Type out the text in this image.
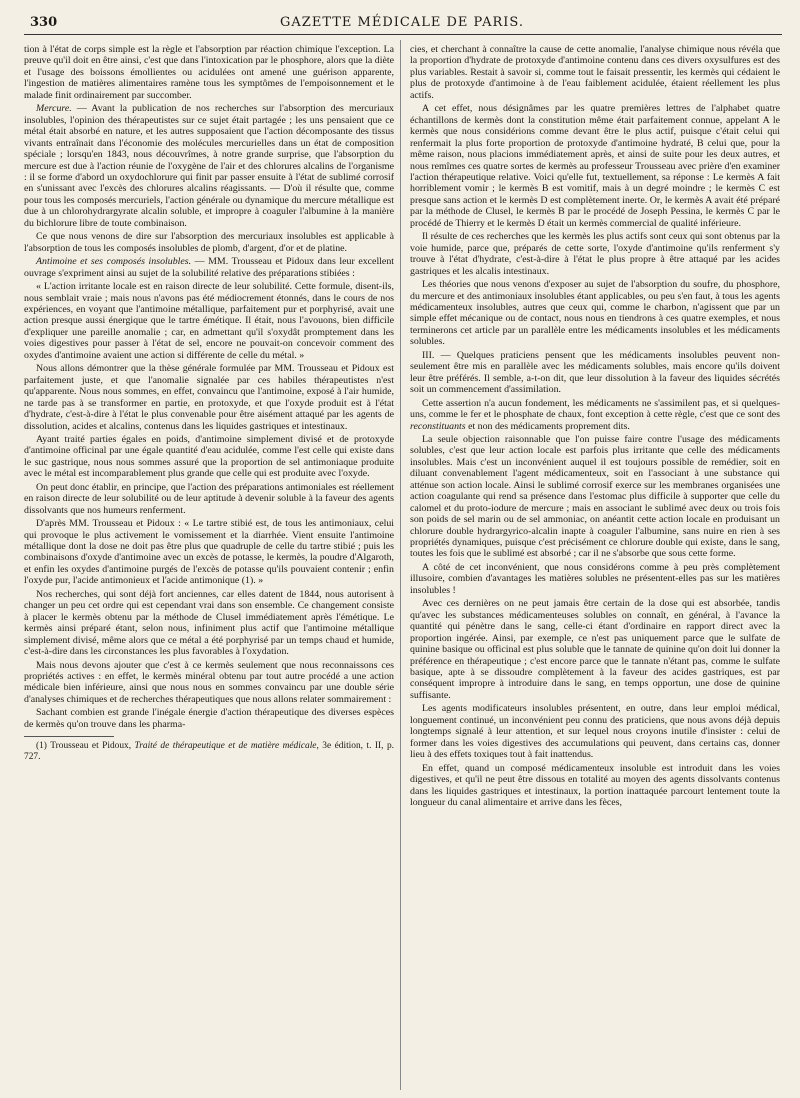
330	GAZETTE MÉDICALE DE PARIS.

tion à l'état de corps simple est la règle et l'absorption par réaction chimique l'exception. La preuve qu'il doit en être ainsi, c'est que dans l'intoxication par le phosphore, alors que la diète et l'usage des boissons émollientes ou acidulées ont amené une guérison apparente, l'ingestion de matières alimentaires ramène tous les symptômes de l'empoisonnement et le malade finit ordinairement par succomber.

Mercure. — Avant la publication de nos recherches sur l'absorption des mercuriaux insolubles, l'opinion des thérapeutistes sur ce sujet était partagée ; les uns pensaient que ce métal était absorbé en nature, et les autres supposaient que l'action décomposante des tissus vivants entraînait dans l'économie des molécules mercurielles dans un état de composition spéciale ; lorsqu'en 1843, nous découvrîmes, à notre grande surprise, que l'absorption du mercure est due à l'action réunie de l'oxygène de l'air et des chlorures alcalins de l'organisme : il se forme d'abord un oxydochlorure qui finit par passer ensuite à l'état de sublimé corrosif en s'unissant avec l'excès des chlorures alcalins réagissants. — D'où il résulte que, comme pour tous les composés mercuriels, l'action générale ou dynamique du mercure métallique est due à un chlorohydrargyrate alcalin soluble, et impropre à coaguler l'albumine à la manière du bichlorure libre de toute combinaison.

Ce que nous venons de dire sur l'absorption des mercuriaux insolubles est applicable à l'absorption de tous les composés insolubles de plomb, d'argent, d'or et de platine.

Antimoine et ses composés insolubles. — MM. Trousseau et Pidoux dans leur excellent ouvrage s'expriment ainsi au sujet de la solubilité relative des préparations stibiées :

« L'action irritante locale est en raison directe de leur solubilité. Cette formule, disent-ils, nous semblait vraie ; mais nous n'avons pas été médiocrement étonnés, dans le cours de nos expériences, en voyant que l'antimoine métallique, parfaitement pur et porphyrisé, avait une action presque aussi énergique que le tartre émétique. Il était, nous l'avouons, bien difficile d'expliquer une pareille anomalie ; car, en admettant qu'il s'oxydât promptement dans les voies digestives pour passer à l'état de sel, encore ne pouvait-on concevoir comment des oxydes d'antimoine avaient une action si différente de celle du métal. »

Nous allons démontrer que la thèse générale formulée par MM. Trousseau et Pidoux est parfaitement juste, et que l'anomalie signalée par ces habiles thérapeutistes n'est qu'apparente. Nous nous sommes, en effet, convaincu que l'antimoine, exposé à l'air humide, ne tarde pas à se transformer en partie, en protoxyde, et que l'oxyde produit est à l'état d'hydrate, c'est-à-dire à l'état le plus convenable pour être aisément attaqué par les agents de dissolution, acides et alcalins, contenus dans les liquides gastriques et intestinaux.

Ayant traité parties égales en poids, d'antimoine simplement divisé et de protoxyde d'antimoine officinal par une égale quantité d'eau acidulée, comme l'est celle qui existe dans le suc gastrique, nous nous sommes assuré que la proportion de sel antimoniaque produite avec le métal est incomparablement plus grande que celle qui est produite avec l'oxyde.

On peut donc établir, en principe, que l'action des préparations antimoniales est réellement en raison directe de leur solubilité ou de leur aptitude à devenir soluble à la faveur des agents dissolvants que nos humeurs renferment.

D'après MM. Trousseau et Pidoux : « Le tartre stibié est, de tous les antimoniaux, celui qui provoque le plus activement le vomissement et la diarrhée. Vient ensuite l'antimoine métallique dont la dose ne doit pas être plus que quadruple de celle du tartre stibié ; puis les combinaisons d'oxyde d'antimoine avec un excès de potasse, le kermès, la poudre d'Algaroth, et enfin les oxydes d'antimoine purgés de l'excès de potasse qu'ils pouvaient contenir ; enfin l'oxyde pur, l'acide antimonieux et l'acide antimonique (1). »

Nos recherches, qui sont déjà fort anciennes, car elles datent de 1844, nous autorisent à changer un peu cet ordre qui est cependant vrai dans son ensemble. Ce changement consiste à placer le kermès obtenu par la méthode de Clusel immédiatement après l'émétique. Le kermès ainsi préparé étant, selon nous, infiniment plus actif que l'antimoine métallique simplement divisé, même alors que ce métal a été porphyrisé par un temps chaud et humide, c'est-à-dire dans les circonstances les plus favorables à l'oxydation.

Mais nous devons ajouter que c'est à ce kermès seulement que nous reconnaissons ces propriétés actives : en effet, le kermès minéral obtenu par tout autre procédé a une action médicale bien inférieure, ainsi que nous nous en sommes convaincu par une double série d'analyses chimiques et de recherches thérapeutiques que nous allons relater sommairement :

Sachant combien est grande l'inégale énergie d'action thérapeutique des diverses espèces de kermès qu'on trouve dans les pharma-

(1) Trousseau et Pidoux, Traité de thérapeutique et de matière médicale, 3e édition, t. II, p. 727.

cies, et cherchant à connaître la cause de cette anomalie, l'analyse chimique nous révéla que la proportion d'hydrate de protoxyde d'antimoine contenu dans ces divers oxysulfures est des plus variables. Restait à savoir si, comme tout le faisait pressentir, les kermès qui cédaient le plus de protoxyde d'antimoine à de l'eau faiblement acidulée, étaient réellement les plus actifs.

A cet effet, nous désignâmes par les quatre premières lettres de l'alphabet quatre échantillons de kermès dont la constitution même était parfaitement connue, appelant A le kermès que nous considérions comme devant être le plus actif, puisque c'était celui qui renfermait la plus forte proportion de protoxyde d'antimoine hydraté, B celui que, pour la même raison, nous placions immédiatement après, et ainsi de suite pour les deux autres, et nous remîmes ces quatre sortes de kermès au professeur Trousseau avec prière d'en examiner l'action thérapeutique relative. Voici qu'elle fut, textuellement, sa réponse : Le kermès A fait horriblement vomir ; le kermès B est vomitif, mais à un degré moindre ; le kermès C est presque sans action et le kermès D est complètement inerte. Or, le kermès A avait été préparé par la méthode de Clusel, le kermès B par le procédé de Joseph Pessina, le kermès C par le procédé de Thierry et le kermès D était un kermès commercial de qualité inférieure.

Il résulte de ces recherches que les kermès les plus actifs sont ceux qui sont obtenus par la voie humide, parce que, préparés de cette sorte, l'oxyde d'antimoine qu'ils renferment s'y trouve à l'état d'hydrate, c'est-à-dire à l'état le plus propre à être attaqué par les acides gastriques et les alcalis intestinaux.

Les théories que nous venons d'exposer au sujet de l'absorption du soufre, du phosphore, du mercure et des antimoniaux insolubles étant applicables, ou peu s'en faut, à tous les agents médicamenteux insolubles, autres que ceux qui, comme le charbon, n'agissent que par un simple effet mécanique ou de contact, nous nous en tiendrons à ces quatre exemples, et nous terminerons cet article par un parallèle entre les médicaments insolubles et les médicaments solubles.

III. — Quelques praticiens pensent que les médicaments insolubles peuvent non-seulement être mis en parallèle avec les médicaments solubles, mais encore qu'ils doivent leur être préférés. Il semble, a-t-on dit, que leur dissolution à la faveur des liquides sécrétés soit un commencement d'assimilation.

Cette assertion n'a aucun fondement, les médicaments ne s'assimilent pas, et si quelques-uns, comme le fer et le phosphate de chaux, font exception à cette règle, c'est que ce sont des reconstituants et non des médicaments proprement dits.

La seule objection raisonnable que l'on puisse faire contre l'usage des médicaments solubles, c'est que leur action locale est parfois plus irritante que celle des médicaments insolubles. Mais c'est un inconvénient auquel il est toujours possible de remédier, soit en diluant convenablement l'agent médicamenteux, soit en l'associant à une substance qui atténue son action locale. Ainsi le sublimé corrosif exerce sur les membranes organisées une action coagulante qui rend sa présence dans l'estomac plus difficile à supporter que celle du calomel et du proto-iodure de mercure ; mais en associant le sublimé avec deux ou trois fois son poids de sel marin ou de sel ammoniac, on anéantit cette action locale en produisant un chlorure double hydrargyrico-alcalin inapte à coaguler l'albumine, sans nuire en rien à ses propriétés dynamiques, puisque c'est précisément ce chlorure double qui existe, dans le sang, toutes les fois que le sublimé est absorbé ; car il ne s'absorbe que sous cette forme.

A côté de cet inconvénient, que nous considérons comme à peu près complètement illusoire, combien d'avantages les matières solubles ne présentent-elles pas sur les matières insolubles !

Avec ces dernières on ne peut jamais être certain de la dose qui est absorbée, tandis qu'avec les substances médicamenteuses solubles on connaît, en général, à l'avance la quantité qui pénètre dans le sang, celle-ci étant d'ordinaire en rapport direct avec la proportion ingérée. Ainsi, par exemple, ce n'est pas uniquement parce que le sulfate de quinine basique ou officinal est plus soluble que le tannate de quinine qu'on doit lui donner la préférence en thérapeutique ; c'est encore parce que le tannate n'étant pas, comme le sulfate basique, apte à se dissoudre complètement à la faveur des acides gastriques, est par conséquent impropre à introduire dans le sang, en temps opportun, une dose de quinine suffisante.

Les agents modificateurs insolubles présentent, en outre, dans leur emploi médical, longuement continué, un inconvénient peu connu des praticiens, que nous avons déjà depuis longtemps signalé à leur attention, et sur lequel nous croyons inutile d'insister : celui de former dans les voies digestives des accumulations qui peuvent, dans certains cas, donner lieu à des effets toxiques tout à fait inattendus.

En effet, quand un composé médicamenteux insoluble est introduit dans les voies digestives, et qu'il ne peut être dissous en totalité au moyen des agents dissolvants contenus dans les liquides gastriques et intestinaux, la portion inattaquée parcourt lentement toute la longueur du canal alimentaire et arrive dans les fèces,
